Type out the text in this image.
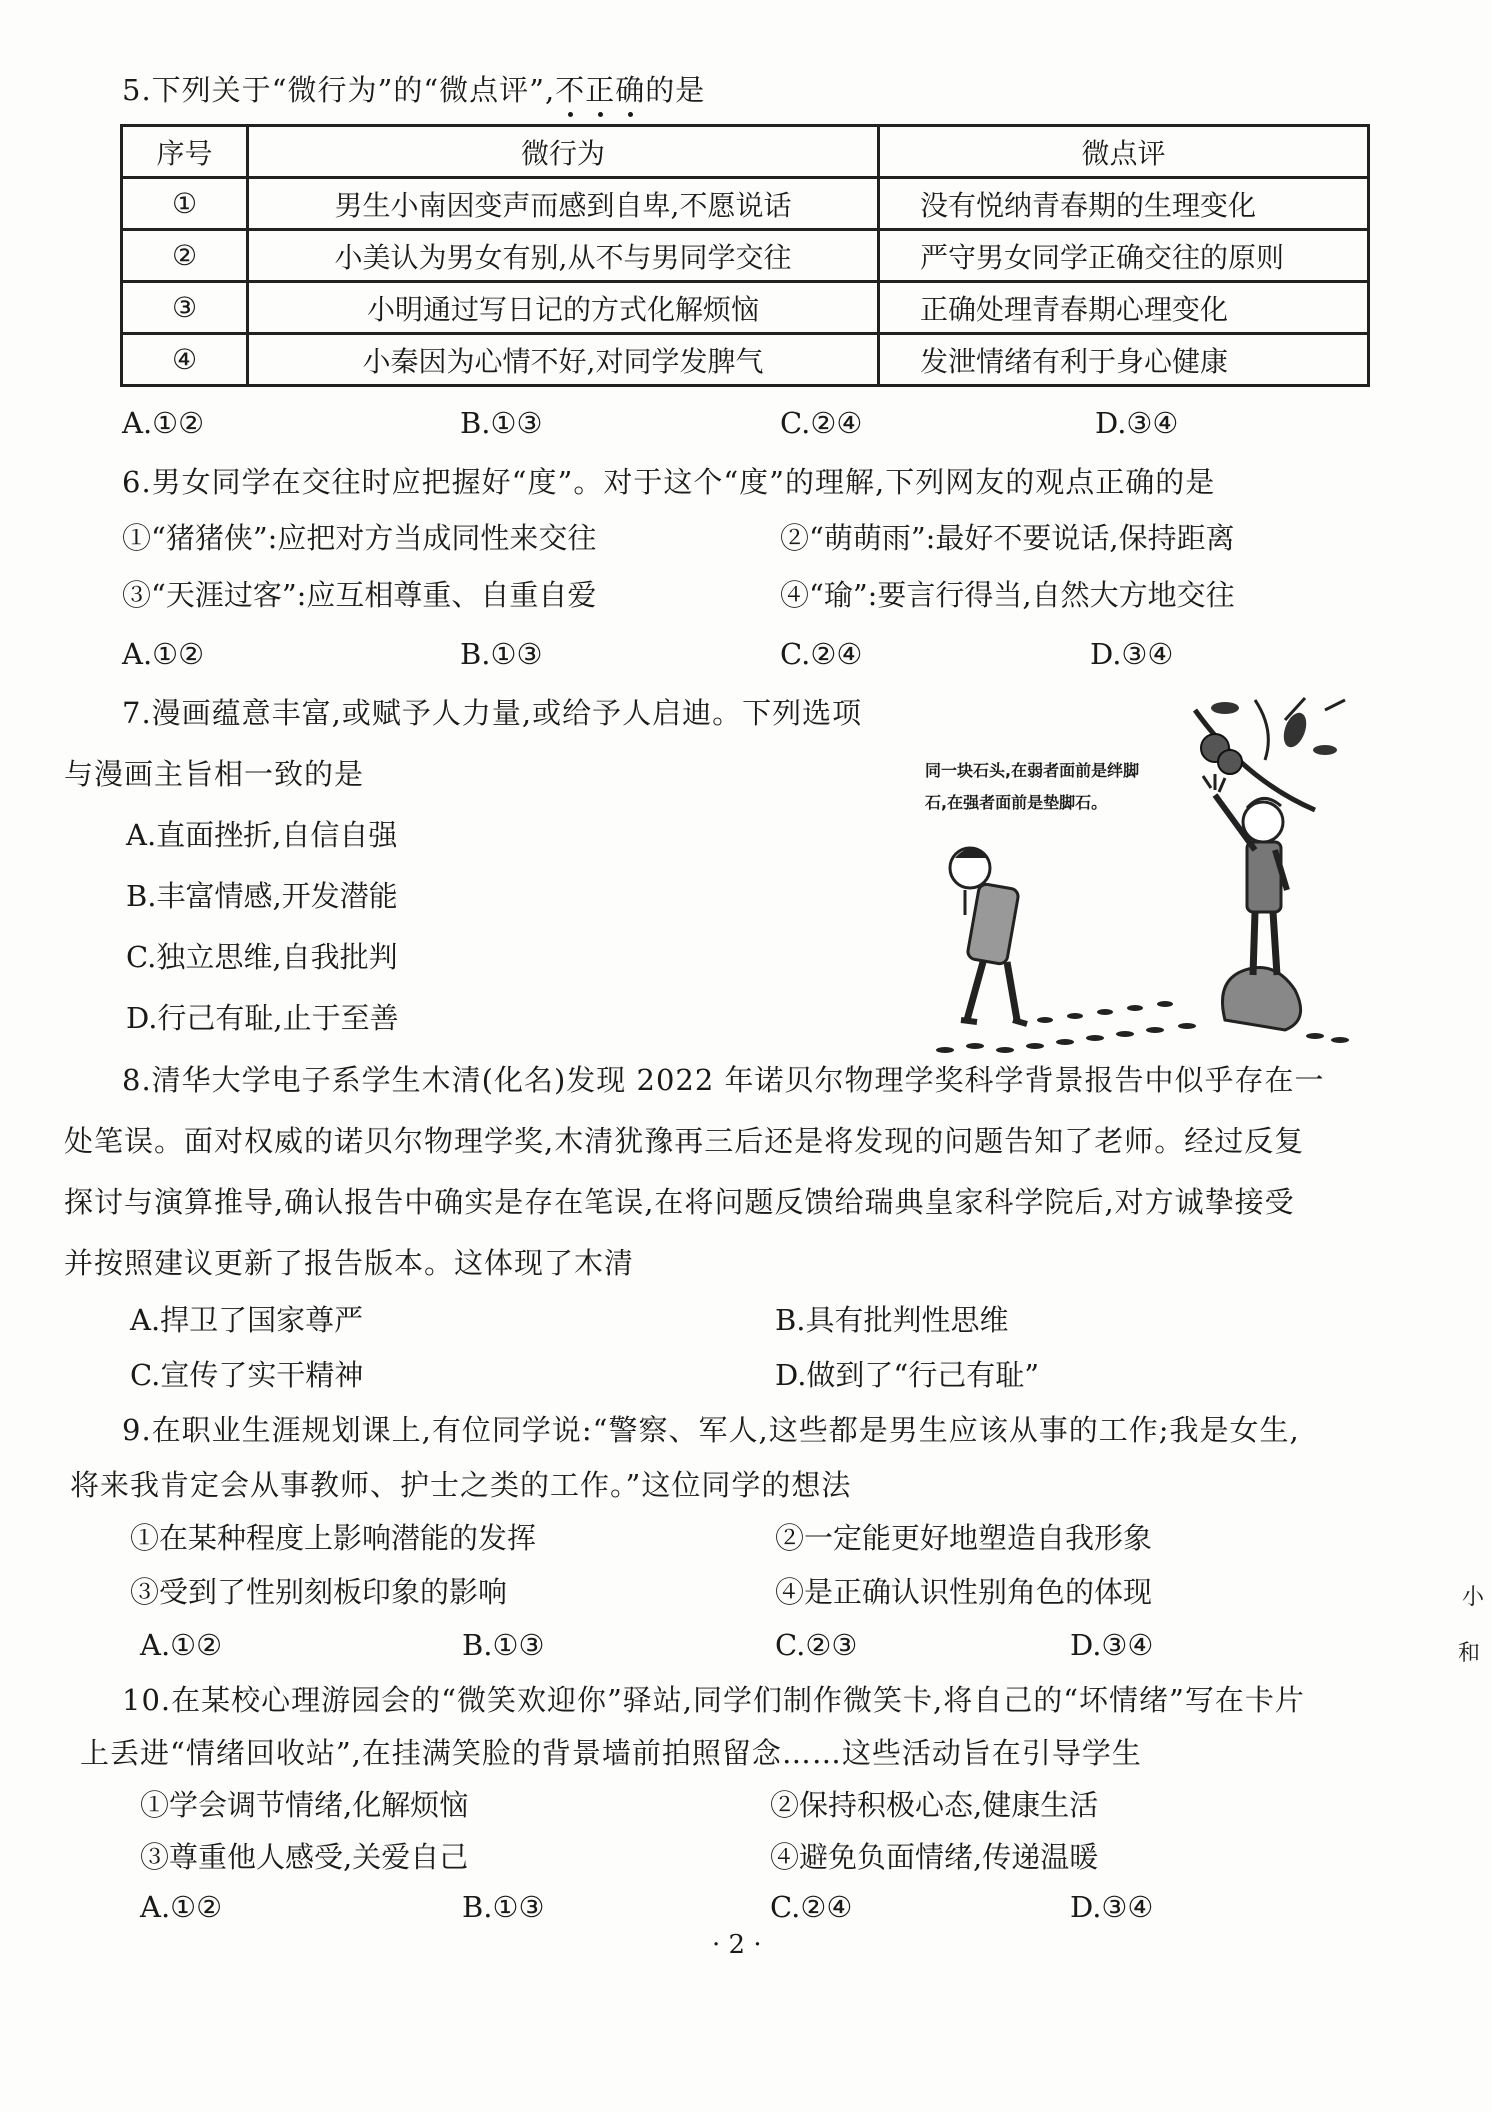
5.下列关于“微行为”的“微点评”,不正确的是
序号	微行为	微点评
①	男生小南因变声而感到自卑,不愿说话	没有悦纳青春期的生理变化
②	小美认为男女有别,从不与男同学交往	严守男女同学正确交往的原则
③	小明通过写日记的方式化解烦恼	正确处理青春期心理变化
④	小秦因为心情不好,对同学发脾气	发泄情绪有利于身心健康
A.①②	B.①③	C.②④	D.③④
6.男女同学在交往时应把握好“度”。对于这个“度”的理解,下列网友的观点正确的是
①“猪猪侠”:应把对方当成同性来交往	②“萌萌雨”:最好不要说话,保持距离
③“天涯过客”:应互相尊重、自重自爱	④“瑜”:要言行得当,自然大方地交往
A.①②	B.①③	C.②④	D.③④
7.漫画蕴意丰富,或赋予人力量,或给予人启迪。下列选项
与漫画主旨相一致的是
A.直面挫折,自信自强
B.丰富情感,开发潜能
C.独立思维,自我批判
D.行己有耻,止于至善
同一块石头,在弱者面前是绊脚
石,在强者面前是垫脚石。
8.清华大学电子系学生木清(化名)发现 2022 年诺贝尔物理学奖科学背景报告中似乎存在一
处笔误。面对权威的诺贝尔物理学奖,木清犹豫再三后还是将发现的问题告知了老师。经过反复
探讨与演算推导,确认报告中确实是存在笔误,在将问题反馈给瑞典皇家科学院后,对方诚挚接受
并按照建议更新了报告版本。这体现了木清
A.捍卫了国家尊严	B.具有批判性思维
C.宣传了实干精神	D.做到了“行己有耻”
9.在职业生涯规划课上,有位同学说:“警察、军人,这些都是男生应该从事的工作;我是女生,
将来我肯定会从事教师、护士之类的工作。”这位同学的想法
①在某种程度上影响潜能的发挥	②一定能更好地塑造自我形象
③受到了性别刻板印象的影响	④是正确认识性别角色的体现
A.①②	B.①③	C.②③	D.③④
10.在某校心理游园会的“微笑欢迎你”驿站,同学们制作微笑卡,将自己的“坏情绪”写在卡片
上丢进“情绪回收站”,在挂满笑脸的背景墙前拍照留念……这些活动旨在引导学生
①学会调节情绪,化解烦恼	②保持积极心态,健康生活
③尊重他人感受,关爱自己	④避免负面情绪,传递温暖
A.①②	B.①③	C.②④	D.③④
小
和
· 2 ·
